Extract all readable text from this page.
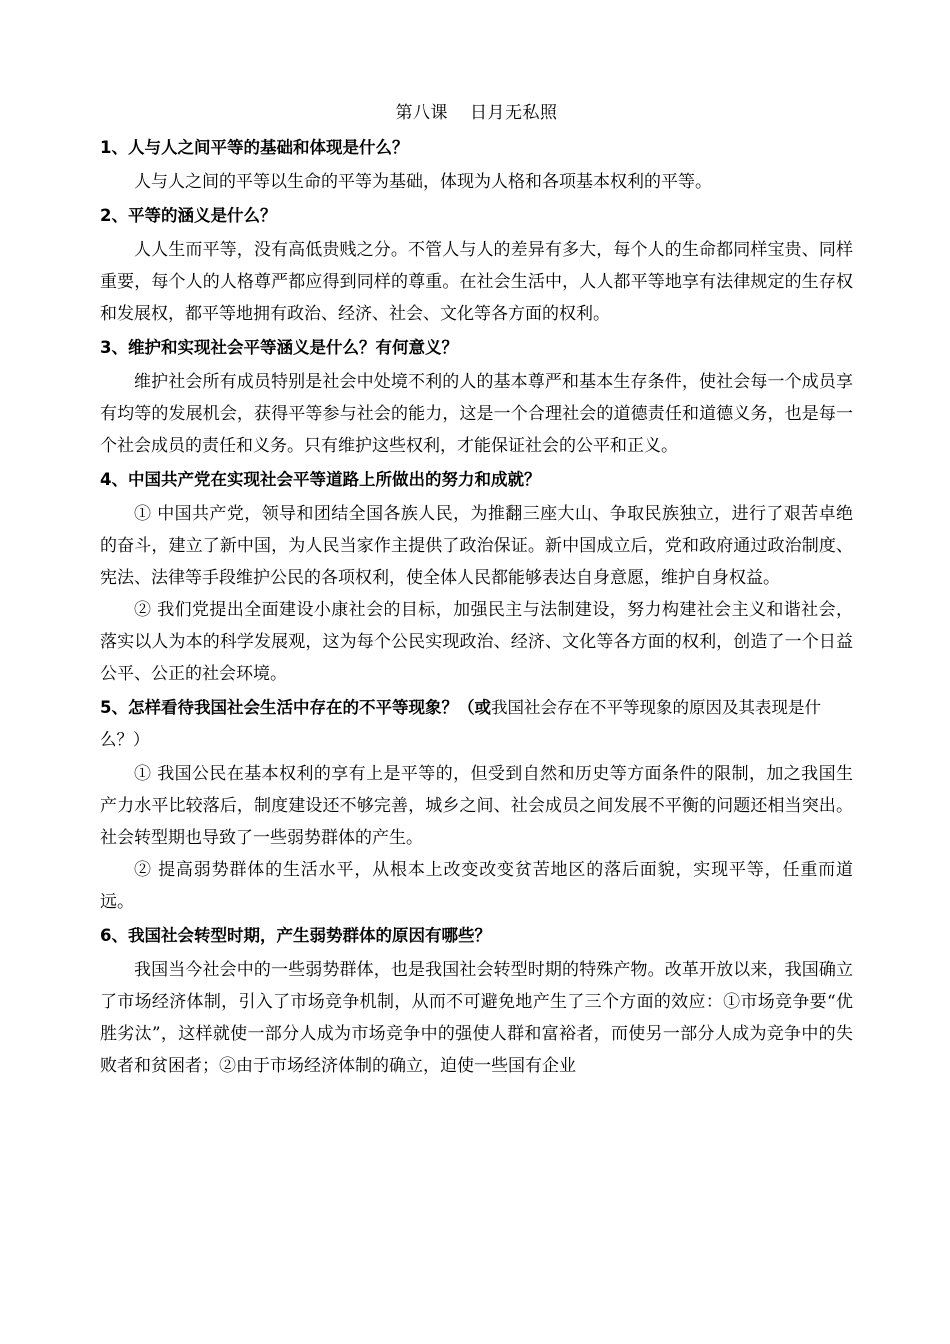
第八课 日月无私照
1、人与人之间平等的基础和体现是什么？

人与人之间的平等以生命的平等为基础，体现为人格和各项基本权利的平等。

2、平等的涵义是什么？

人人生而平等，没有高低贵贱之分。不管人与人的差异有多大，每个人的生命都同样宝贵、同样重要，每个人的人格尊严都应得到同样的尊重。在社会生活中，人人都平等地享有法律规定的生存权和发展权，都平等地拥有政治、经济、社会、文化等各方面的权利。

3、维护和实现社会平等涵义是什么？有何意义？

维护社会所有成员特别是社会中处境不利的人的基本尊严和基本生存条件，使社会每一个成员享有均等的发展机会，获得平等参与社会的能力，这是一个合理社会的道德责任和道德义务，也是每一个社会成员的责任和义务。只有维护这些权利，才能保证社会的公平和正义。

4、中国共产党在实现社会平等道路上所做出的努力和成就？

① 中国共产党，领导和团结全国各族人民，为推翻三座大山、争取民族独立，进行了艰苦卓绝的奋斗，建立了新中国，为人民当家作主提供了政治保证。新中国成立后，党和政府通过政治制度、宪法、法律等手段维护公民的各项权利，使全体人民都能够表达自身意愿，维护自身权益。

② 我们党提出全面建设小康社会的目标，加强民主与法制建设，努力构建社会主义和谐社会，落实以人为本的科学发展观，这为每个公民实现政治、经济、文化等各方面的权利，创造了一个日益公平、公正的社会环境。

5、怎样看待我国社会生活中存在的不平等现象？（或我国社会存在不平等现象的原因及其表现是什么？）

① 我国公民在基本权利的享有上是平等的，但受到自然和历史等方面条件的限制，加之我国生产力水平比较落后，制度建设还不够完善，城乡之间、社会成员之间发展不平衡的问题还相当突出。社会转型期也导致了一些弱势群体的产生。

② 提高弱势群体的生活水平，从根本上改变改变贫苦地区的落后面貌，实现平等，任重而道远。

6、我国社会转型时期，产生弱势群体的原因有哪些？

我国当今社会中的一些弱势群体，也是我国社会转型时期的特殊产物。改革开放以来，我国确立了市场经济体制，引入了市场竞争机制，从而不可避免地产生了三个方面的效应：①市场竞争要“优胜劣汰”，这样就使一部分人成为市场竞争中的强使人群和富裕者，而使另一部分人成为竞争中的失败者和贫困者；②由于市场经济体制的确立，迫使一些国有企业
